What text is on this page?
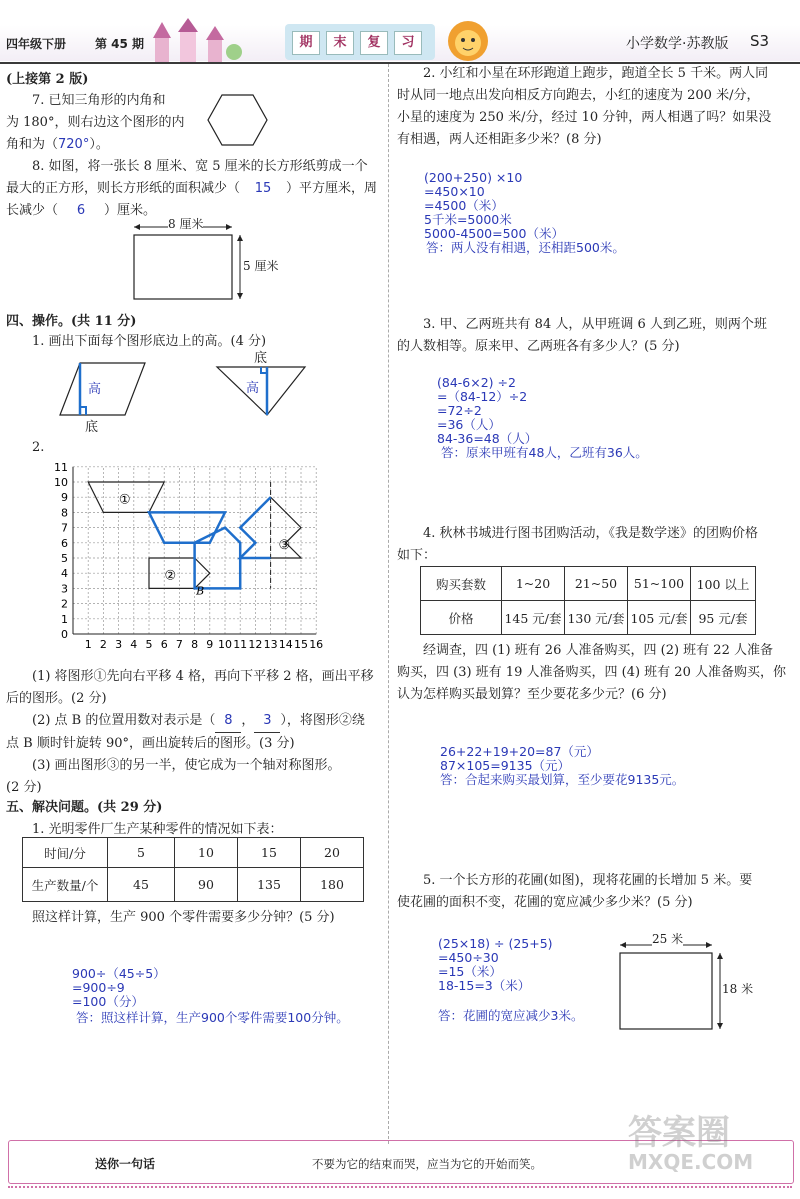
四年级下册 第 45 期	期	末	复	习	小学数学·苏教版 S3
(上接第 2 版)
7. 已知三角形的内角和
为 180°，则右边这个图形的内
角和为（720°）。
8. 如图，将一张长 8 厘米、宽 5 厘米的长方形纸剪成一个
最大的正方形，则长方形纸的面积减少（ 15 ）平方厘米，周
长减少（ 6 ）厘米。
8 厘米
5 厘米
四、操作。(共 11 分)
1. 画出下面每个图形底边上的高。(4 分)
高
底
高
底
2.
1 2 3 4 5 6 7 8 9 10 11 12 13 14 15 16
0
1
2
3
4
5
6
7
8
9
10
11
①
②
③
B
(1) 将图形①先向右平移 4 格，再向下平移 2 格，画出平移
后的图形。(2 分)
(2) 点 B 的位置用数对表示是（ 8 ， 3 ），将图形②绕
点 B 顺时针旋转 90°，画出旋转后的图形。(3 分)
(3) 画出图形③的另一半，使它成为一个轴对称图形。
(2 分)
五、解决问题。(共 29 分)
1. 光明零件厂生产某种零件的情况如下表：
时间/分	5	10	15	20
生产数量/个	45	90	135	180
照这样计算，生产 900 个零件需要多少分钟？(5 分)
900÷（45÷5）
=900÷9
=100（分）
答：照这样计算，生产900个零件需要100分钟。
2. 小红和小星在环形跑道上跑步，跑道全长 5 千米。两人同
时从同一地点出发向相反方向跑去，小红的速度为 200 米/分，
小星的速度为 250 米/分，经过 10 分钟，两人相遇了吗？如果没
有相遇，两人还相距多少米？(8 分)
(200+250) ×10
=450×10
=4500（米）
5千米=5000米
5000-4500=500（米）
答：两人没有相遇，还相距500米。
3. 甲、乙两班共有 84 人，从甲班调 6 人到乙班，则两个班
的人数相等。原来甲、乙两班各有多少人？(5 分)
(84-6×2) ÷2
=（84-12）÷2
=72÷2
=36（人）
84-36=48（人）
答：原来甲班有48人，乙班有36人。
4. 秋林书城进行图书团购活动，《我是数学迷》的团购价格
如下：
购买套数	1~20	21~50	51~100	100 以上
价格	145 元/套	130 元/套	105 元/套	95 元/套
经调查，四 (1) 班有 26 人准备购买，四 (2) 班有 22 人准备
购买，四 (3) 班有 19 人准备购买，四 (4) 班有 20 人准备购买，你
认为怎样购买最划算？至少要花多少元？(6 分)
26+22+19+20=87（元）
87×105=9135（元）
答：合起来购买最划算，至少要花9135元。
5. 一个长方形的花圃(如图)，现将花圃的长增加 5 米。要
使花圃的面积不变，花圃的宽应减少多少米？(5 分)
(25×18) ÷ (25+5)
=450÷30
=15（米）
18-15=3（米）
答：花圃的宽应减少3米。
25 米
18 米
送你一句话	不要为它的结束而哭，应当为它的开始而笑。
答案圈
MXQE.COM
